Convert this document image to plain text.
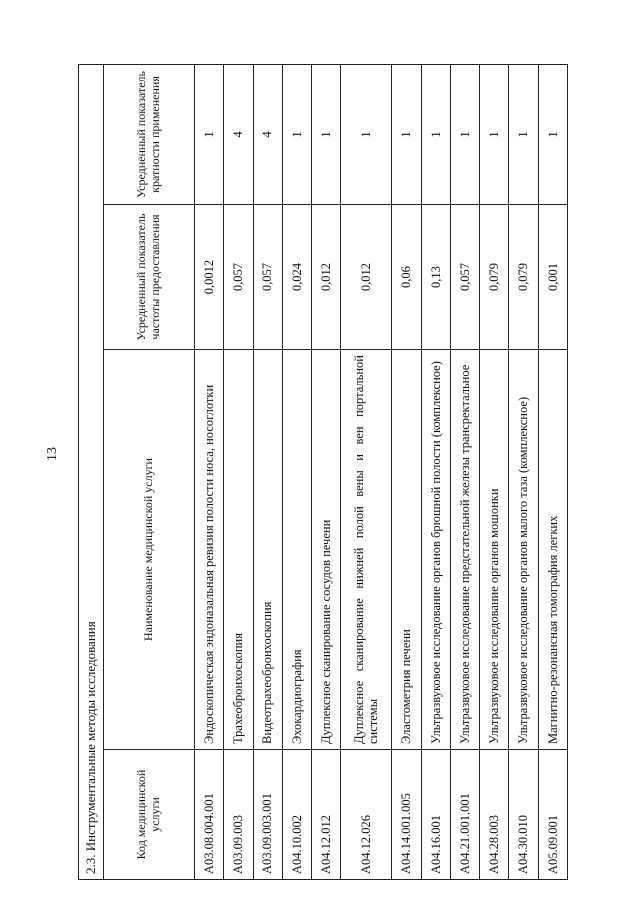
13
2.3. Инструментальные методы исследования			
Код медицинской услуги	Наименование медицинской услуги	Усредненный показатель частоты предоставления	Усредненный показатель кратности применения
A03.08.004.001	Эндоскопическая эндоназальная ревизия полости носа, носоглотки	0,0012	1
A03.09.003	Трахеобронхоскопия	0,057	4
A03.09.003.001	Видеотрахеобронхоскопия	0,057	4
A04.10.002	Эхокардиография	0,024	1
A04.12.012	Дуплексное сканирование сосудов печени	0,012	1
A04.12.026	Дуплексное сканирование нижней полой вены и вен портальной системы	0,012	1
A04.14.001.005	Эластометрия печени	0,06	1
A04.16.001	Ультразвуковое исследование органов брюшной полости (комплексное)	0,13	1
A04.21.001.001	Ультразвуковое исследование предстательной железы трансректальное	0,057	1
A04.28.003	Ультразвуковое исследование органов мошонки	0,079	1
A04.30.010	Ультразвуковое исследование органов малого таза (комплексное)	0,079	1
A05.09.001	Магнитно-резонансная томография легких	0,001	1
